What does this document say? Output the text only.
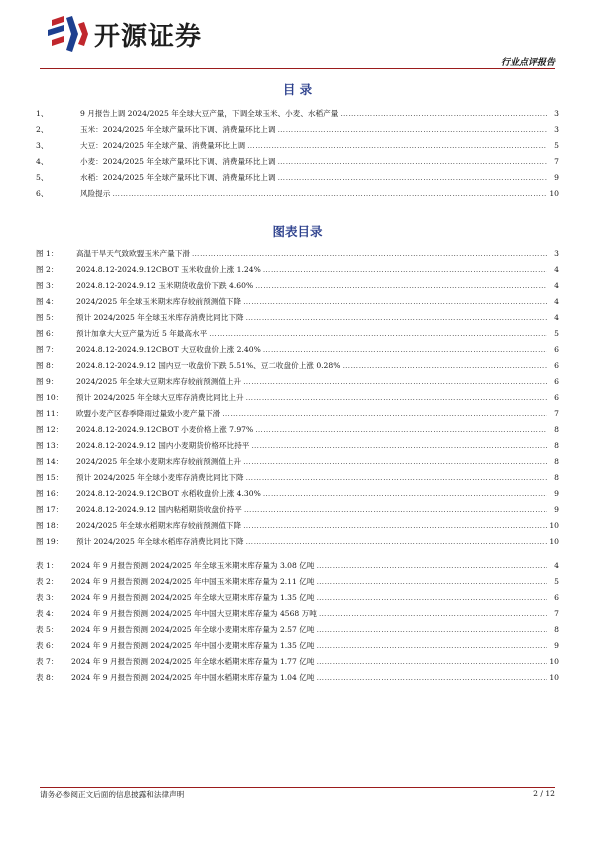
开源证券
行业点评报告
目 录
1、	9 月报告上调 2024/2025 年全球大豆产量，下调全球玉米、小麦、水稻产量 ……………………………………………………………………………………………………………………………………………………………………………………………………………………………………………………………………	3
2、	玉米：2024/2025 年全球产量环比下调、消费量环比上调 ……………………………………………………………………………………………………………………………………………………………………………………………………………………………………………………………………	3
3、	大豆：2024/2025 年全球产量、消费量环比上调 ……………………………………………………………………………………………………………………………………………………………………………………………………………………………………………………………………	5
4、	小麦：2024/2025 年全球产量环比下调、消费量环比上调 ……………………………………………………………………………………………………………………………………………………………………………………………………………………………………………………………………	7
5、	水稻：2024/2025 年全球产量环比下调、消费量环比上调 ……………………………………………………………………………………………………………………………………………………………………………………………………………………………………………………………………	9
6、	风险提示 ……………………………………………………………………………………………………………………………………………………………………………………………………………………………………………………………………	10
图表目录
图 1：	高温干旱天气致欧盟玉米产量下滑 ……………………………………………………………………………………………………………………………………………………………………………………………………………………………………………………………………	3
图 2：	2024.8.12-2024.9.12CBOT 玉米收盘价上涨 1.24% ……………………………………………………………………………………………………………………………………………………………………………………………………………………………………………………………………	4
图 3：	2024.8.12-2024.9.12 玉米期货收盘价下跌 4.60% ……………………………………………………………………………………………………………………………………………………………………………………………………………………………………………………………………	4
图 4：	2024/2025 年全球玉米期末库存较前预测值下降 ……………………………………………………………………………………………………………………………………………………………………………………………………………………………………………………………………	4
图 5：	预计 2024/2025 年全球玉米库存消费比同比下降 ……………………………………………………………………………………………………………………………………………………………………………………………………………………………………………………………………	4
图 6：	预计加拿大大豆产量为近 5 年最高水平 ……………………………………………………………………………………………………………………………………………………………………………………………………………………………………………………………………	5
图 7：	2024.8.12-2024.9.12CBOT 大豆收盘价上涨 2.40% ……………………………………………………………………………………………………………………………………………………………………………………………………………………………………………………………………	6
图 8：	2024.8.12-2024.9.12 国内豆一收盘价下跌 5.51%、豆二收盘价上涨 0.28% ……………………………………………………………………………………………………………………………………………………………………………………………………………………………………………………………………	6
图 9：	2024/2025 年全球大豆期末库存较前预测值上升 ……………………………………………………………………………………………………………………………………………………………………………………………………………………………………………………………………	6
图 10：	预计 2024/2025 年全球大豆库存消费比同比上升 ……………………………………………………………………………………………………………………………………………………………………………………………………………………………………………………………………	6
图 11：	欧盟小麦产区春季降雨过量致小麦产量下滑 ……………………………………………………………………………………………………………………………………………………………………………………………………………………………………………………………………	7
图 12：	2024.8.12-2024.9.12CBOT 小麦价格上涨 7.97% ……………………………………………………………………………………………………………………………………………………………………………………………………………………………………………………………………	8
图 13：	2024.8.12-2024.9.12 国内小麦期货价格环比持平 ……………………………………………………………………………………………………………………………………………………………………………………………………………………………………………………………………	8
图 14：	2024/2025 年全球小麦期末库存较前预测值上升 ……………………………………………………………………………………………………………………………………………………………………………………………………………………………………………………………………	8
图 15：	预计 2024/2025 年全球小麦库存消费比同比下降 ……………………………………………………………………………………………………………………………………………………………………………………………………………………………………………………………………	8
图 16：	2024.8.12-2024.9.12CBOT 水稻收盘价上涨 4.30% ……………………………………………………………………………………………………………………………………………………………………………………………………………………………………………………………………	9
图 17：	2024.8.12-2024.9.12 国内粘稻期货收盘价持平 ……………………………………………………………………………………………………………………………………………………………………………………………………………………………………………………………………	9
图 18：	2024/2025 年全球水稻期末库存较前预测值下降 ……………………………………………………………………………………………………………………………………………………………………………………………………………………………………………………………………	10
图 19：	预计 2024/2025 年全球水稻库存消费比同比下降 ……………………………………………………………………………………………………………………………………………………………………………………………………………………………………………………………………	10
表 1：	2024 年 9 月报告预测 2024/2025 年全球玉米期末库存量为 3.08 亿吨 ……………………………………………………………………………………………………………………………………………………………………………………………………………………………………………………………………	4
表 2：	2024 年 9 月报告预测 2024/2025 年中国玉米期末库存量为 2.11 亿吨 ……………………………………………………………………………………………………………………………………………………………………………………………………………………………………………………………………	5
表 3：	2024 年 9 月报告预测 2024/2025 年全球大豆期末库存量为 1.35 亿吨 ……………………………………………………………………………………………………………………………………………………………………………………………………………………………………………………………………	6
表 4：	2024 年 9 月报告预测 2024/2025 年中国大豆期末库存量为 4568 万吨 ……………………………………………………………………………………………………………………………………………………………………………………………………………………………………………………………………	7
表 5：	2024 年 9 月报告预测 2024/2025 年全球小麦期末库存量为 2.57 亿吨 ……………………………………………………………………………………………………………………………………………………………………………………………………………………………………………………………………	8
表 6：	2024 年 9 月报告预测 2024/2025 年中国小麦期末库存量为 1.35 亿吨 ……………………………………………………………………………………………………………………………………………………………………………………………………………………………………………………………………	9
表 7：	2024 年 9 月报告预测 2024/2025 年全球水稻期末库存量为 1.77 亿吨 ……………………………………………………………………………………………………………………………………………………………………………………………………………………………………………………………………	10
表 8：	2024 年 9 月报告预测 2024/2025 年中国水稻期末库存量为 1.04 亿吨 ……………………………………………………………………………………………………………………………………………………………………………………………………………………………………………………………………	10
请务必参阅正文后面的信息披露和法律声明	2 / 12
